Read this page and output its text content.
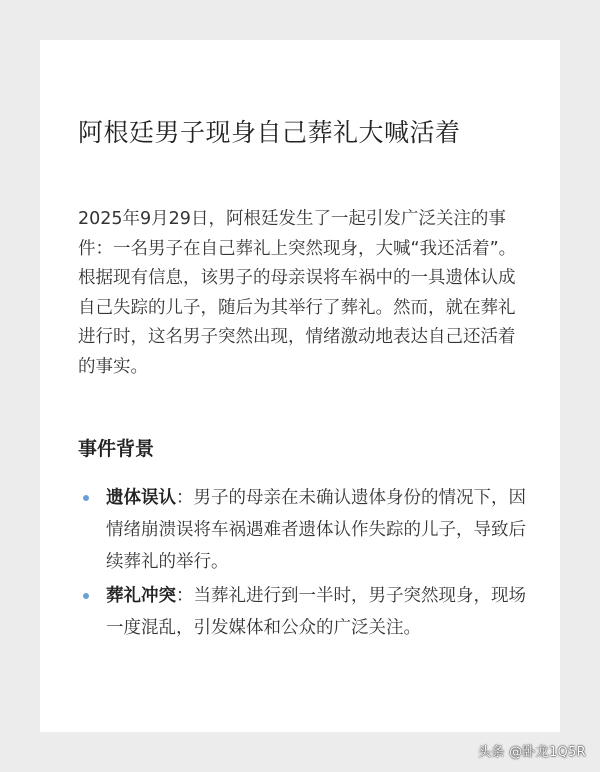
阿根廷男子现身自己葬礼大喊活着

2025年9月29日，阿根廷发生了一起引发广泛关注的事件：一名男子在自己葬礼上突然现身，大喊“我还活着”。根据现有信息，该男子的母亲误将车祸中的一具遗体认成自己失踪的儿子，随后为其举行了葬礼。然而，就在葬礼进行时，这名男子突然出现，情绪激动地表达自己还活着的事实。

事件背景
遗体误认：男子的母亲在未确认遗体身份的情况下，因情绪崩溃误将车祸遇难者遗体认作失踪的儿子，导致后续葬礼的举行。
葬礼冲突：当葬礼进行到一半时，男子突然现身，现场一度混乱，引发媒体和公众的广泛关注。
头条 @卧龙1Q5R
